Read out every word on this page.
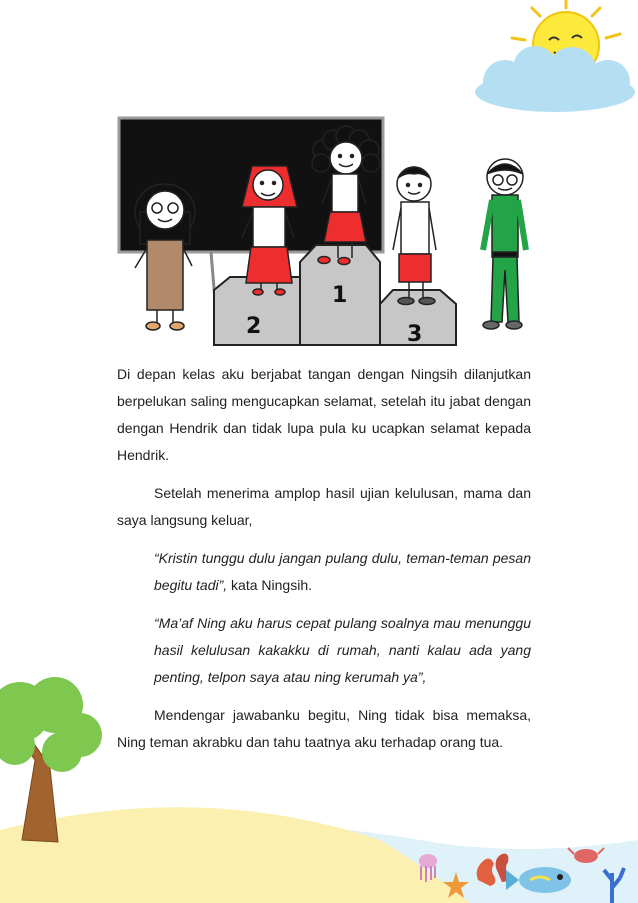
1
2	3

Di depan kelas aku berjabat tangan dengan Ningsih dilanjutkan berpelukan saling mengucapkan selamat, setelah itu jabat dengan dengan Hendrik dan tidak lupa pula ku ucapkan selamat kepada Hendrik.

Setelah menerima amplop hasil ujian kelulusan, mama dan saya langsung keluar,

“Kristin tunggu dulu jangan pulang dulu, teman-teman pesan begitu tadi”, kata Ningsih.

“Ma’af Ning aku harus cepat pulang soalnya mau menunggu hasil kelulusan kakakku di rumah, nanti kalau ada yang penting, telpon saya atau ning kerumah ya”,

Mendengar jawabanku begitu, Ning tidak bisa memaksa, Ning teman akrabku dan tahu taatnya aku terhadap orang tua.
